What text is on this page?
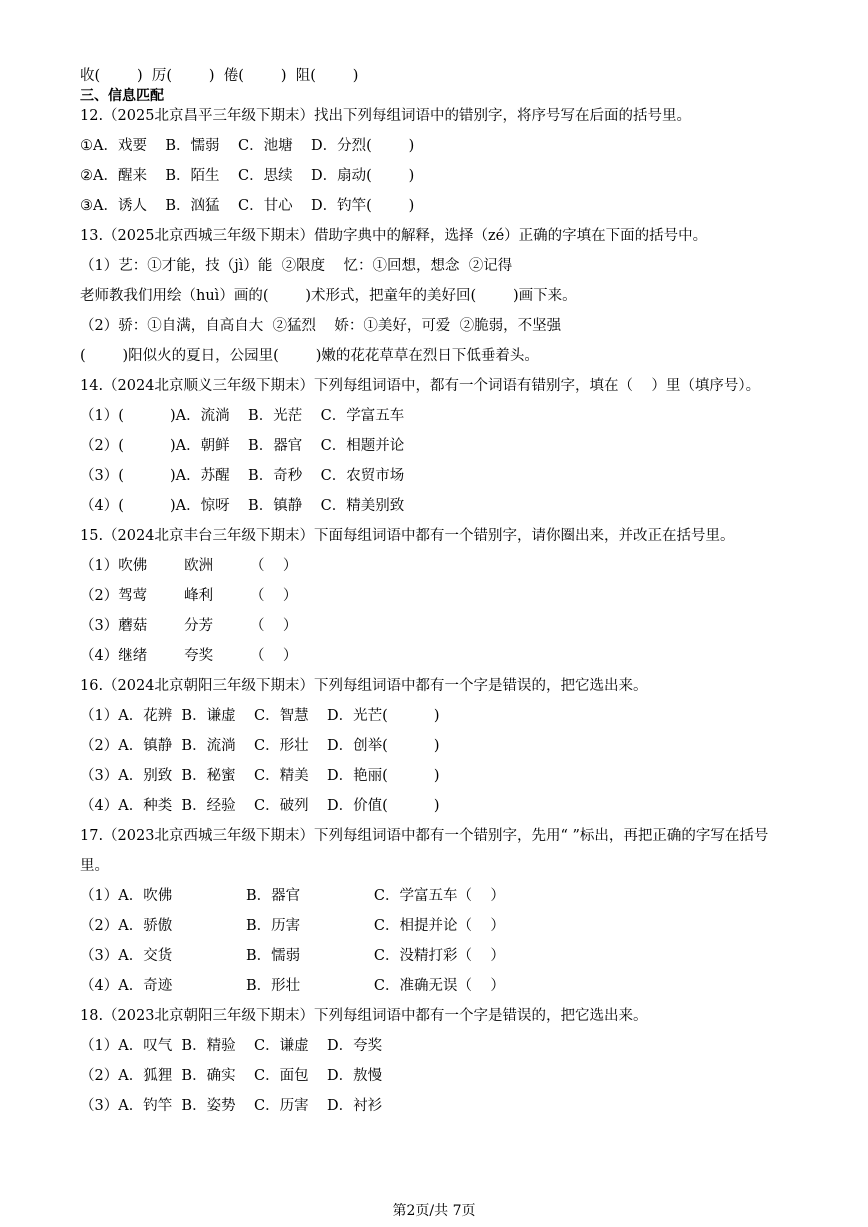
收(        )  厉(        )  倦(        )  阻(        )
三、信息匹配
12.（2025北京昌平三年级下期末）找出下列每组词语中的错别字，将序号写在后面的括号里。
①A．戏要    B．懦弱    C．池塘    D．分烈(        )
②A．醒来    B．陌生    C．思续    D．扇动(        )
③A．诱人    B．汹猛    C．甘心    D．钓竿(        )
13.（2025北京西城三年级下期末）借助字典中的解释，选择（zé）正确的字填在下面的括号中。
（1）艺：①才能，技（jì）能  ②限度    忆：①回想，想念  ②记得
老师教我们用绘（huì）画的(        )术形式，把童年的美好回(        )画下来。
（2）骄：①自满，自高自大  ②猛烈    娇：①美好，可爱  ②脆弱，不坚强
(        )阳似火的夏日，公园里(        )嫩的花花草草在烈日下低垂着头。
14.（2024北京顺义三年级下期末）下列每组词语中，都有一个词语有错别字，填在（    ）里（填序号）。
（1）(          )A．流淌    B．光茫    C．学富五车
（2）(          )A．朝鲜    B．器官    C．相题并论
（3）(          )A．苏醒    B．奇秒    C．农贸市场
（4）(          )A．惊呀    B．镇静    C．精美别致
15.（2024北京丰台三年级下期末）下面每组词语中都有一个错别字，请你圈出来，并改正在括号里。
（1）吹佛        欧洲        （    ）
（2）驾莺        峰利        （    ）
（3）蘑菇        分芳        （    ）
（4）继绪        夸奖        （    ）
16.（2024北京朝阳三年级下期末）下列每组词语中都有一个字是错误的，把它选出来。
（1）A．花辨  B．谦虚    C．智慧    D．光芒(          )
（2）A．镇静  B．流淌    C．形壮    D．创举(          )
（3）A．别致  B．秘蜜    C．精美    D．艳丽(          )
（4）A．种类  B．经验    C．破列    D．价值(          )
17.（2023北京西城三年级下期末）下列每组词语中都有一个错别字，先用“ ”标出，再把正确的字写在括号
里。
（1）A．吹佛                B．器官                C．学富五车（    ）
（2）A．骄傲                B．历害                C．相提并论（    ）
（3）A．交货                B．懦弱                C．没精打彩（    ）
（4）A．奇迹                B．形壮                C．准确无误（    ）
18.（2023北京朝阳三年级下期末）下列每组词语中都有一个字是错误的，把它选出来。
（1）A．叹气  B．精验    C．谦虚    D．夸奖
（2）A．狐狸  B．确实    C．面包    D．敖慢
（3）A．钓竿  B．姿势    C．历害    D．衬衫
第2页/共 7页
